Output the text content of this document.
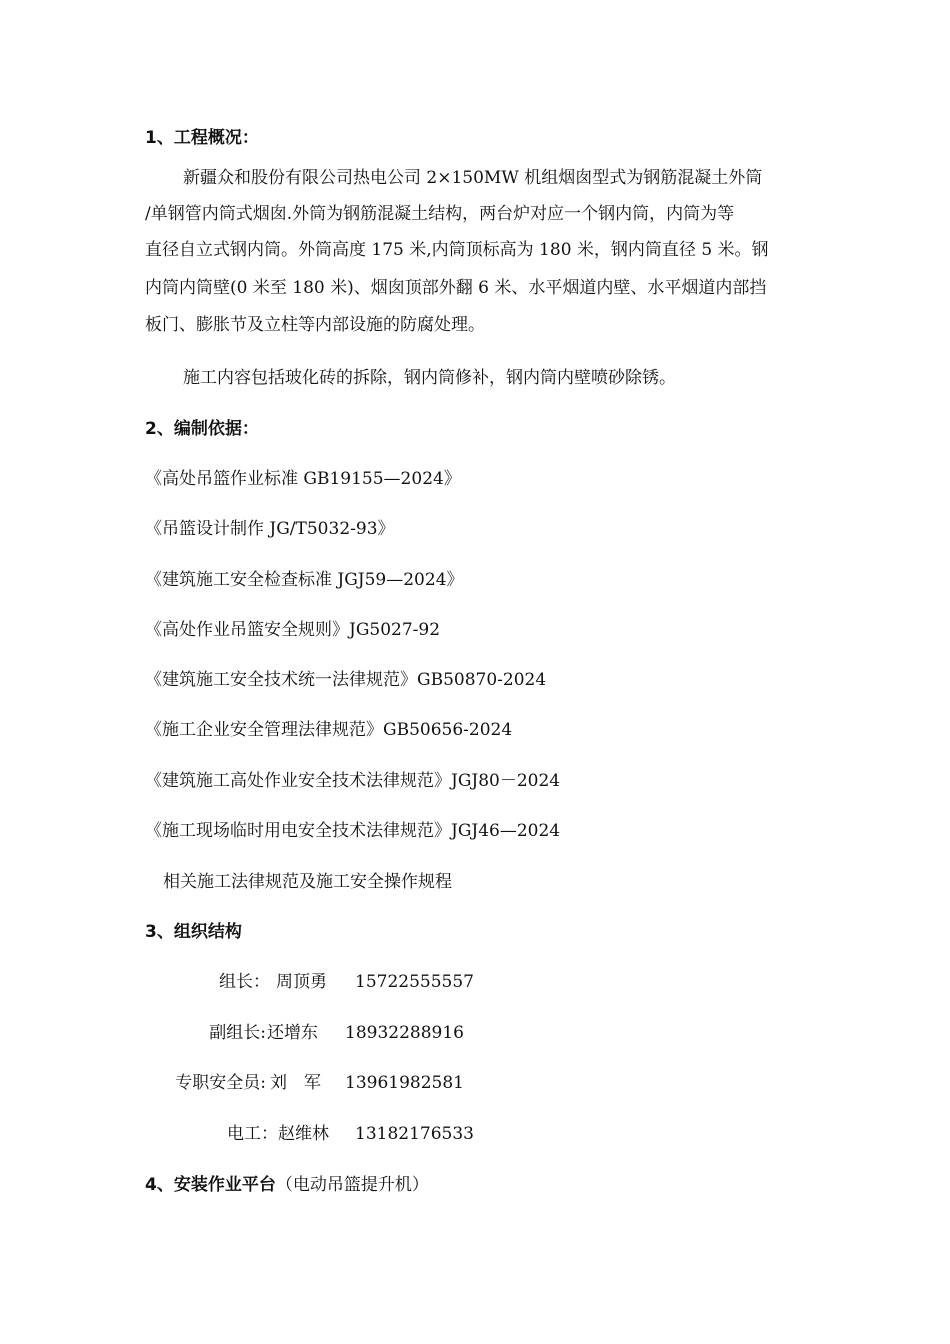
1、工程概况：
新疆众和股份有限公司热电公司 2×150MW 机组烟囱型式为钢筋混凝土外筒
/单钢管内筒式烟囱.外筒为钢筋混凝土结构，两台炉对应一个钢内筒，内筒为等
直径自立式钢内筒。外筒高度 175 米,内筒顶标高为 180 米，钢内筒直径 5 米。钢
内筒内筒壁(0 米至 180 米)、烟囱顶部外翻 6 米、水平烟道内壁、水平烟道内部挡
板门、膨胀节及立柱等内部设施的防腐处理。
施工内容包括玻化砖的拆除，钢内筒修补，钢内筒内壁喷砂除锈。
2、编制依据：
《高处吊篮作业标准 GB19155—2024》
《吊篮设计制作 JG/T5032-93》
《建筑施工安全检查标准 JGJ59—2024》
《高处作业吊篮安全规则》JG5027-92
《建筑施工安全技术统一法律规范》GB50870-2024
《施工企业安全管理法律规范》GB50656-2024
《建筑施工高处作业安全技术法律规范》JGJ80－2024
《施工现场临时用电安全技术法律规范》JGJ46—2024
相关施工法律规范及施工安全操作规程
3、组织结构
组长： 周顶勇 15722555557
副组长: 还增东 18932288916
专职安全员: 刘　军 13961982581
电工： 赵维林 13182176533
4、安装作业平台（电动吊篮提升机）
